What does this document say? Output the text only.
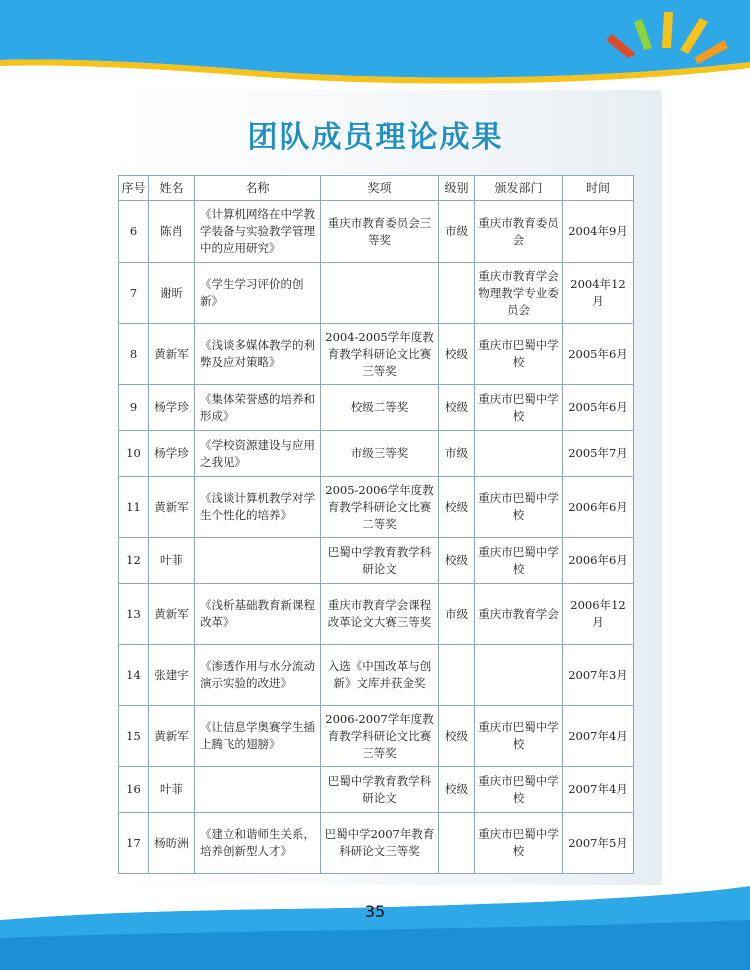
团队成员理论成果
序号	姓名	名称	奖项	级别	颁发部门	时间
6	陈肖	《计算机网络在中学教学装备与实验教学管理中的应用研究》	重庆市教育委员会三等奖	市级	重庆市教育委员会	2004年9月
7	谢昕	《学生学习评价的创新》			重庆市教育学会物理教学专业委员会	2004年12月
8	黄新军	《浅谈多媒体教学的利弊及应对策略》	2004-2005学年度教育教学科研论文比赛三等奖	校级	重庆市巴蜀中学校	2005年6月
9	杨学珍	《集体荣誉感的培养和形成》	校级二等奖	校级	重庆市巴蜀中学校	2005年6月
10	杨学珍	《学校资源建设与应用之我见》	市级三等奖	市级		2005年7月
11	黄新军	《浅谈计算机教学对学生个性化的培养》	2005-2006学年度教育教学科研论文比赛二等奖	校级	重庆市巴蜀中学校	2006年6月
12	叶菲		巴蜀中学教育教学科研论文	校级	重庆市巴蜀中学校	2006年6月
13	黄新军	《浅析基础教育新课程改革》	重庆市教育学会课程改革论文大赛三等奖	市级	重庆市教育学会	2006年12月
14	张建宇	《渗透作用与水分流动演示实验的改进》	入选《中国改革与创新》文库并获金奖			2007年3月
15	黄新军	《让信息学奥赛学生插上腾飞的翅膀》	2006-2007学年度教育教学科研论文比赛三等奖	校级	重庆市巴蜀中学校	2007年4月
16	叶菲		巴蜀中学教育教学科研论文	校级	重庆市巴蜀中学校	2007年4月
17	杨昉洲	《建立和谐师生关系，培养创新型人才》	巴蜀中学2007年教育科研论文三等奖		重庆市巴蜀中学校	2007年5月
35
